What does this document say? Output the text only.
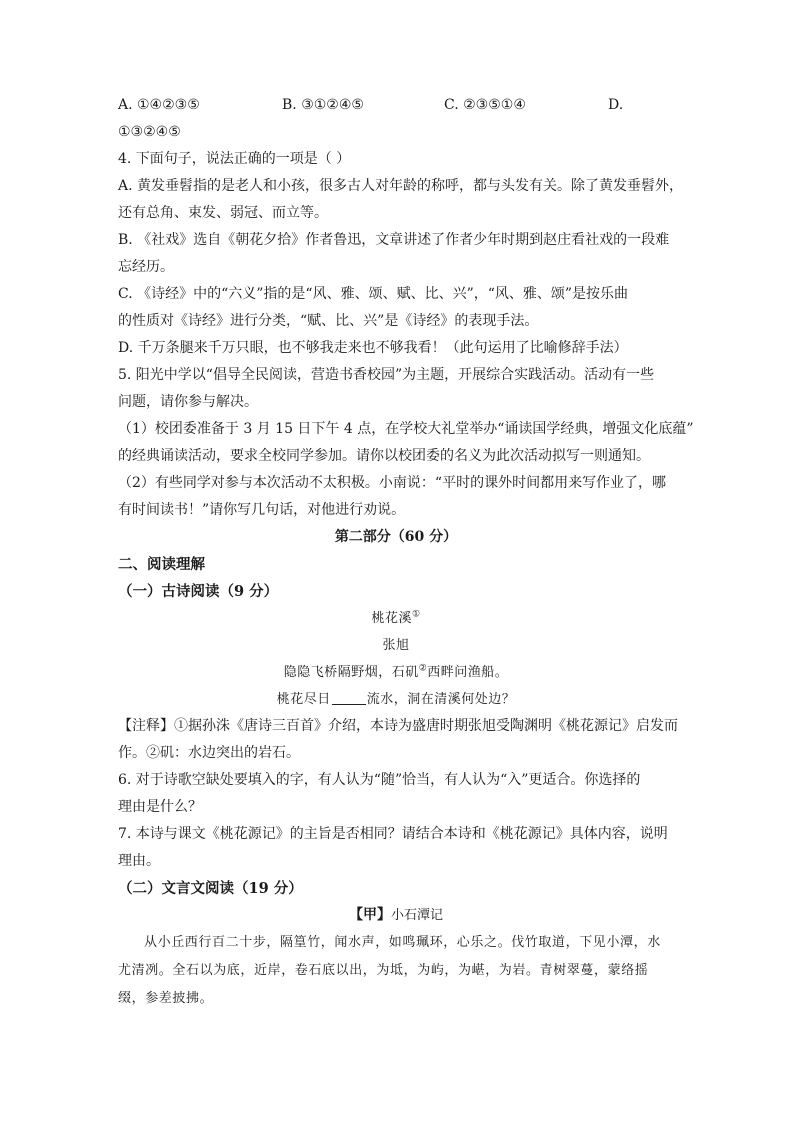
A. ①④②③⑤	B. ③①②④⑤	C. ②③⑤①④	D.
①③②④⑤
4. 下面句子，说法正确的一项是（ ）
A. 黄发垂髫指的是老人和小孩，很多古人对年龄的称呼，都与头发有关。除了黄发垂髫外，
还有总角、束发、弱冠、而立等。
B. 《社戏》选自《朝花夕拾》作者鲁迅，文章讲述了作者少年时期到赵庄看社戏的一段难
忘经历。
C. 《诗经》中的“六义”指的是“风、雅、颂、赋、比、兴”，“风、雅、颂”是按乐曲
的性质对《诗经》进行分类，“赋、比、兴”是《诗经》的表现手法。
D. 千万条腿来千万只眼，也不够我走来也不够我看！（此句运用了比喻修辞手法）
5. 阳光中学以“倡导全民阅读，营造书香校园”为主题，开展综合实践活动。活动有一些
问题，请你参与解决。
（1）校团委准备于 3 月 15 日下午 4 点，在学校大礼堂举办“诵读国学经典，增强文化底蕴”
的经典诵读活动，要求全校同学参加。请你以校团委的名义为此次活动拟写一则通知。
（2）有些同学对参与本次活动不太积极。小南说：“平时的课外时间都用来写作业了，哪
有时间读书！”请你写几句话，对他进行劝说。
第二部分（60 分）
二、阅读理解
（一）古诗阅读（9 分）
桃花溪①
张旭
隐隐飞桥隔野烟，石矶②西畔问渔船。
桃花尽日	流水，洞在清溪何处边？
【注释】①据孙洙《唐诗三百首》介绍，本诗为盛唐时期张旭受陶渊明《桃花源记》启发而
作。②矶：水边突出的岩石。
6. 对于诗歌空缺处要填入的字，有人认为“随”恰当，有人认为“入”更适合。你选择的
理由是什么？
7. 本诗与课文《桃花源记》的主旨是否相同？请结合本诗和《桃花源记》具体内容，说明
理由。
（二）文言文阅读（19 分）
【甲】小石潭记
从小丘西行百二十步，隔篁竹，闻水声，如鸣珮环，心乐之。伐竹取道，下见小潭，水尤清冽。全石以为底，近岸，卷石底以出，为坻，为屿，为嵁，为岩。青树翠蔓，蒙络摇缀，参差披拂。
